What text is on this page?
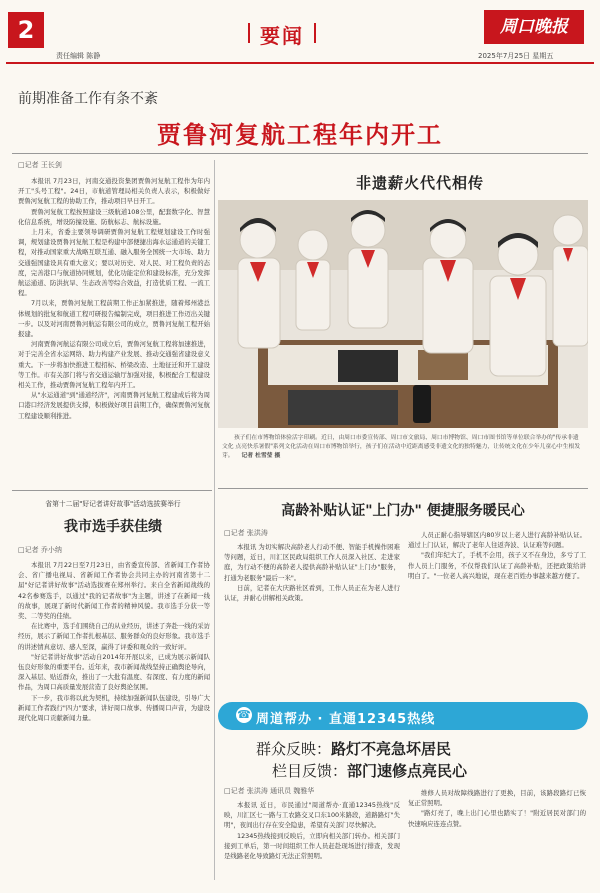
2
责任编辑 陈静
要闻	周口晚报
2025年7月25日 星期五
前期准备工作有条不紊
贾鲁河复航工程年内开工
□记者 王长剑

本报讯 7月23日，河南交通投资集团贾鲁河复航工程作为年内开工"头号工程"。24日，市航道管理局相关负责人表示，积极做好贾鲁河复航工程的协助工作，推动项目早日开工。

贾鲁河复航工程按照建设三级航道108公里，配套数字化、智慧化信息系统，增设防撞设施、防航标志、航标设施。

上月末，省委主要领导调研贾鲁河复航工程规划建设工作时强调，规划建设贾鲁河复航工程是构建中部便捷出海水运通道的关键工程，对推动国家重大战略互联互通、融入服务全国统一大市场、助力交通强国建设具有重大意义；要以对历史、对人民、对工程负责的态度，完善港口与航道协同规划，优化功能定位和建设标准，充分发挥航运通道、防洪抗旱、生态改善等综合效益，打造优质工程、一流工程。

7月以来，贾鲁河复航工程前期工作正加紧推进，随着郑州港总体规划的批复和航道工程可研报告编制完成，项目推进工作迈出关键一步。以及对河南贾鲁河航运有限公司的成立，贾鲁河复航工程开始报建。

河南贾鲁河航运有限公司成立后，贾鲁河复航工程将加速推进，对于完善全省水运网络、助力构建产业发展、推动交通强省建设意义重大。下一步将加快推进工程招标、桥梁改造、土地征迁和开工建设等工作。市有关部门将与省交通运输厅加强对接，积极配合工程建设相关工作，推动贾鲁河复航工程年内开工。

从"水运通道"到"通道经济"，河南贾鲁河复航工程建成后将为周口港口经济发展提供支撑，积极做好项目前期工作，确保贾鲁河复航工程建设顺利推进。

非遗薪火代代相传
孩子们在市博物馆体验活字印刷。近日，由周口市委宣传部、周口市文旅局、周口市博物馆、周口市图书馆等单位联合举办的"传承非遗文化 点亮快乐暑假"系列文化活动在周口市博物馆举行，孩子们在活动中近距离感受非遗文化的独特魅力，让传统文化在少年儿童心中生根发芽。 记者 杜雪莹 摄
省第十二届"好记者讲好故事"活动选拔赛举行
我市选手获佳绩
□记者 乔小纳

本报讯 7月22日至7月23日，由省委宣传部、省新闻工作者协会、省广播电视局、省新闻工作者协会共同主办的河南省第十二届"好记者讲好故事"活动选拔赛在郑州举行。来自全省新闻战线的42名参赛选手，以通过"我的记者故事"为主题，讲述了在新闻一线的故事，展现了新时代新闻工作者的精神风貌。我市选手分获一等奖、二等奖的佳绩。

在比赛中，选手们围绕自己的从业经历，讲述了奔赴一线的采访经历，展示了新闻工作者扎根基层、服务群众的良好形象。我市选手的讲述情真意切、感人至深，赢得了评委和观众的一致好评。

"好记者讲好故事"活动自2014年开展以来，已成为展示新闻队伍良好形象的重要平台。近年来，我市新闻战线坚持正确舆论导向，深入基层、贴近群众，推出了一大批有温度、有深度、有力度的新闻作品，为周口高质量发展营造了良好舆论氛围。

下一步，我市将以此为契机，持续加强新闻队伍建设，引导广大新闻工作者践行"四力"要求，讲好周口故事、传播周口声音，为建设现代化周口贡献新闻力量。

高龄补贴认证"上门办" 便捷服务暖民心
□记者 张洪涛

本报讯 为切实解决高龄老人行动不便、智能手机操作困难等问题，近日，川汇区民政局组织工作人员深入社区、走进家庭，为行动不便的高龄老人提供高龄补贴认证"上门办"服务，打通为老服务"最后一米"。

日前，记者在大庆路社区看到，工作人员正在为老人进行认证，并耐心讲解相关政策。

人员正耐心指导辖区内80岁以上老人进行高龄补贴认证。通过上门认证，解决了老年人往返奔波、认证难等问题。

"我们年纪大了，手机不会用，孩子又不在身边，多亏了工作人员上门服务，不仅帮我们认证了高龄补贴，还把政策给讲明白了。"一位老人高兴地说，现在老百姓办事越来越方便了。

☎ 周道帮办 · 直通12345热线
群众反映：路灯不亮急坏居民
栏目反馈：部门速修点亮民心
□记者 张洪涛 通讯员 魏雅华

本报讯 近日，市民通过"周道帮办·直通12345热线"反映，川汇区七一路与工农路交叉口东100米路段，道路路灯"失明"，夜间出行存在安全隐患，希望有关部门尽快解决。

12345热线接到反映后，立即向相关部门转办。相关部门接到工单后，第一时间组织工作人员赶赴现场进行排查，发现是线路老化导致路灯无法正常照明。

维修人员对故障线路进行了更换，目前，该路段路灯已恢复正常照明。

"路灯亮了，晚上出门心里也踏实了！"附近居民对部门的快速响应连连点赞。
